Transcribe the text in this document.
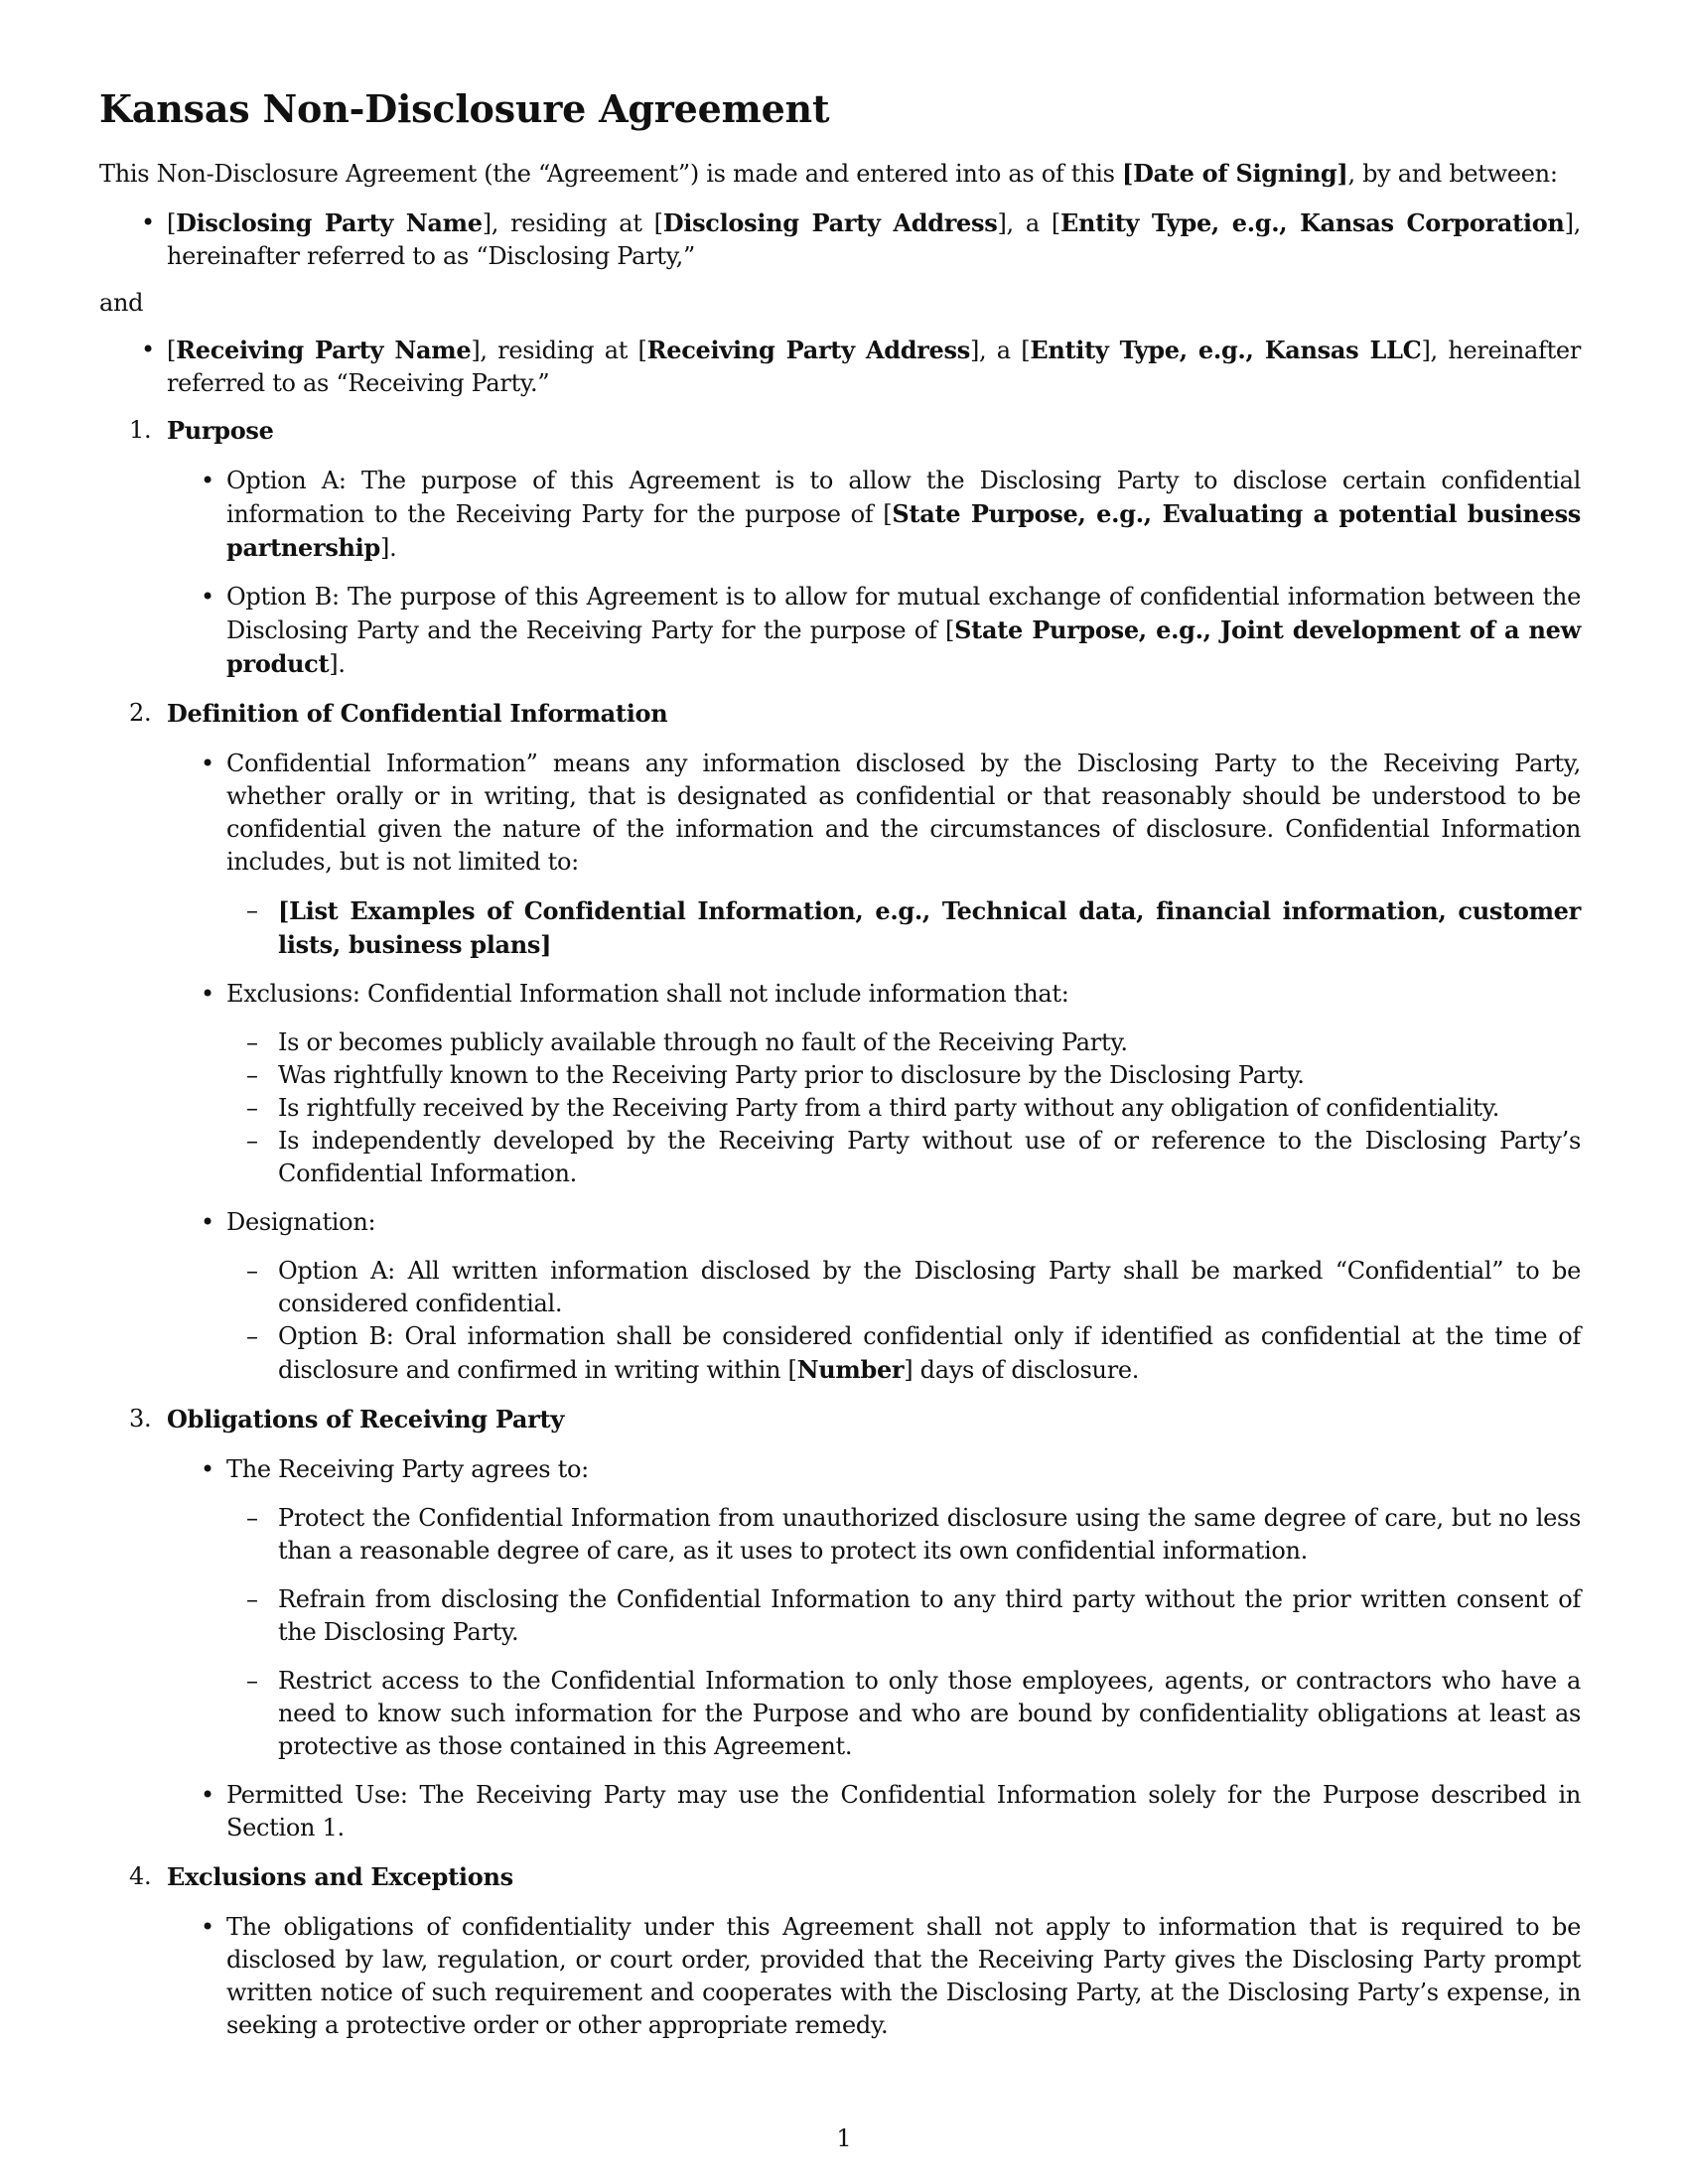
Kansas Non-Disclosure Agreement

This Non-Disclosure Agreement (the “Agreement”) is made and entered into as of this [Date of Signing], by and between:

• [Disclosing Party Name], residing at [Disclosing Party Address], a [Entity Type, e.g., Kansas Corporation], hereinafter referred to as “Disclosing Party,”

and

• [Receiving Party Name], residing at [Receiving Party Address], a [Entity Type, e.g., Kansas LLC], hereinafter referred to as “Receiving Party.”
1. Purpose
• Option A: The purpose of this Agreement is to allow the Disclosing Party to disclose certain confidential information to the Receiving Party for the purpose of [State Purpose, e.g., Evaluating a potential business partnership].
• Option B: The purpose of this Agreement is to allow for mutual exchange of confidential information between the Disclosing Party and the Receiving Party for the purpose of [State Purpose, e.g., Joint development of a new product].
2. Definition of Confidential Information
• Confidential Information” means any information disclosed by the Disclosing Party to the Receiving Party, whether orally or in writing, that is designated as confidential or that reasonably should be understood to be confidential given the nature of the information and the circumstances of disclosure. Confidential Information includes, but is not limited to:
– [List Examples of Confidential Information, e.g., Technical data, financial information, customer lists, business plans]
• Exclusions: Confidential Information shall not include information that:
– Is or becomes publicly available through no fault of the Receiving Party.
– Was rightfully known to the Receiving Party prior to disclosure by the Disclosing Party.
– Is rightfully received by the Receiving Party from a third party without any obligation of confidentiality.
– Is independently developed by the Receiving Party without use of or reference to the Disclosing Party’s Confidential Information.
• Designation:
– Option A: All written information disclosed by the Disclosing Party shall be marked “Confidential” to be considered confidential.
– Option B: Oral information shall be considered confidential only if identified as confidential at the time of disclosure and confirmed in writing within [Number] days of disclosure.
3. Obligations of Receiving Party
• The Receiving Party agrees to:
– Protect the Confidential Information from unauthorized disclosure using the same degree of care, but no less than a reasonable degree of care, as it uses to protect its own confidential information.
– Refrain from disclosing the Confidential Information to any third party without the prior written consent of the Disclosing Party.
– Restrict access to the Confidential Information to only those employees, agents, or contractors who have a need to know such information for the Purpose and who are bound by confidentiality obligations at least as protective as those contained in this Agreement.
• Permitted Use: The Receiving Party may use the Confidential Information solely for the Purpose described in Section 1.
4. Exclusions and Exceptions
• The obligations of confidentiality under this Agreement shall not apply to information that is required to be disclosed by law, regulation, or court order, provided that the Receiving Party gives the Disclosing Party prompt written notice of such requirement and cooperates with the Disclosing Party, at the Disclosing Party’s expense, in seeking a protective order or other appropriate remedy.
1
